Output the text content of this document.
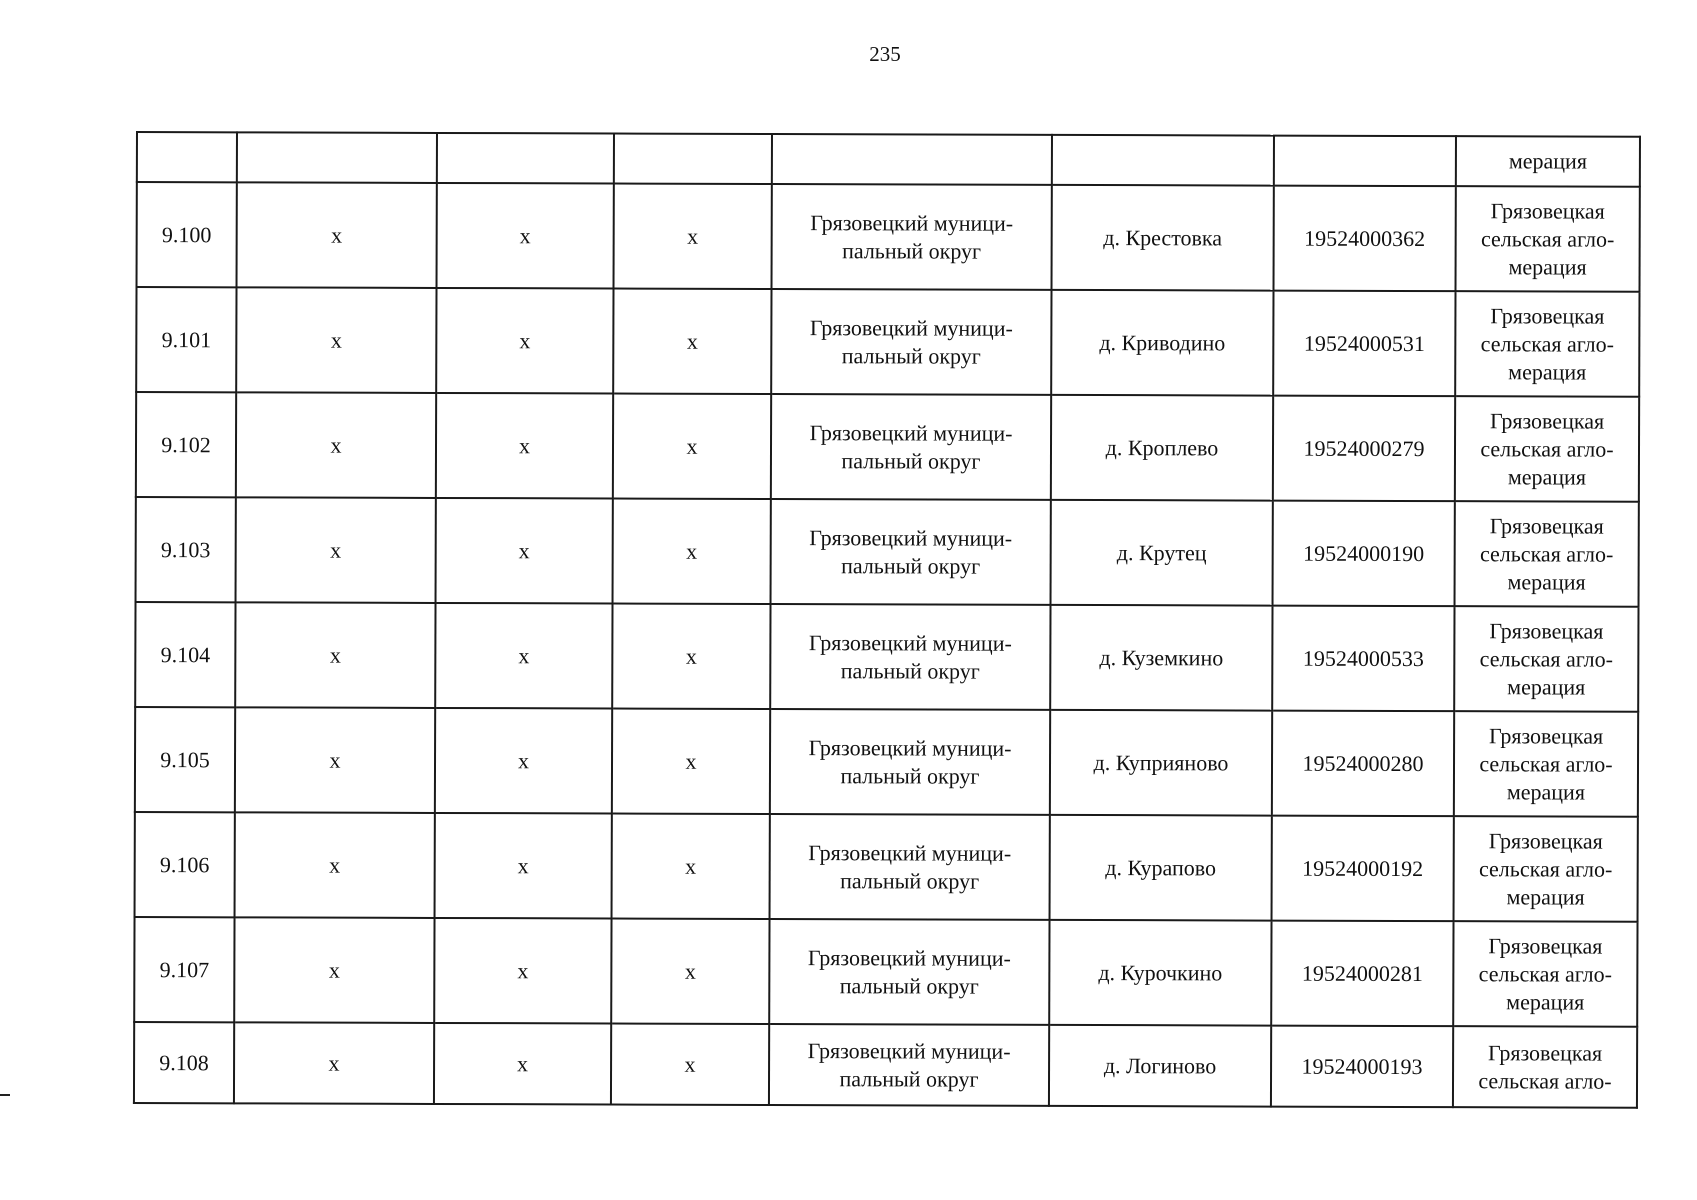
235
							мерация
9.100	х	х	х	Грязовецкий муници-
пальный округ	д. Крестовка	19524000362	Грязовецкая
сельская агло-
мерация
9.101	х	х	х	Грязовецкий муници-
пальный округ	д. Криводино	19524000531	Грязовецкая
сельская агло-
мерация
9.102	х	х	х	Грязовецкий муници-
пальный округ	д. Кроплево	19524000279	Грязовецкая
сельская агло-
мерация
9.103	х	х	х	Грязовецкий муници-
пальный округ	д. Крутец	19524000190	Грязовецкая
сельская агло-
мерация
9.104	х	х	х	Грязовецкий муници-
пальный округ	д. Куземкино	19524000533	Грязовецкая
сельская агло-
мерация
9.105	х	х	х	Грязовецкий муници-
пальный округ	д. Куприяново	19524000280	Грязовецкая
сельская агло-
мерация
9.106	х	х	х	Грязовецкий муници-
пальный округ	д. Курапово	19524000192	Грязовецкая
сельская агло-
мерация
9.107	х	х	х	Грязовецкий муници-
пальный округ	д. Курочкино	19524000281	Грязовецкая
сельская агло-
мерация
9.108	х	х	х	Грязовецкий муници-
пальный округ	д. Логиново	19524000193	Грязовецкая
сельская агло-
